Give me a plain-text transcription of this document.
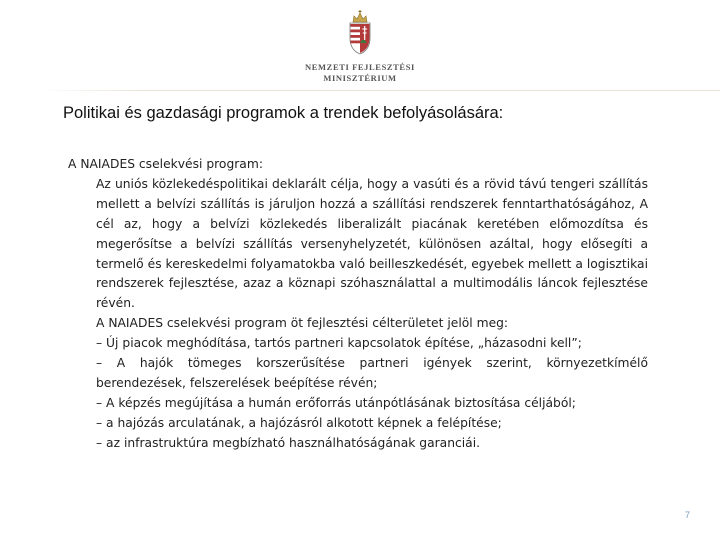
NEMZETI FEJLESZTÉSI
MINISZTÉRIUM
Politikai és gazdasági programok a trendek befolyásolására:

A NAIADES cselekvési program:

Az uniós közlekedéspolitikai deklarált célja, hogy a vasúti és a rövid távú tengeri szállítás mellett a belvízi szállítás is járuljon hozzá a szállítási rendszerek fenntarthatóságához, A cél az, hogy a belvízi közlekedés liberalizált piacának keretében előmozdítsa és megerősítse a belvízi szállítás versenyhelyzetét, különösen azáltal, hogy elősegíti a termelő és kereskedelmi folyamatokba való beilleszkedését, egyebek mellett a logisztikai rendszerek fejlesztése, azaz a köznapi szóhasználattal a multimodális láncok fejlesztése révén.

A NAIADES cselekvési program öt fejlesztési célterületet jelöl meg:

– Új piacok meghódítása, tartós partneri kapcsolatok építése, „házasodni kell”;

– A hajók tömeges korszerűsítése partneri igények szerint, környezetkímélő berendezések, felszerelések beépítése révén;

– A képzés megújítása a humán erőforrás utánpótlásának biztosítása céljából;

– a hajózás arculatának, a hajózásról alkotott képnek a felépítése;

– az infrastruktúra megbízható használhatóságának garanciái.

7
